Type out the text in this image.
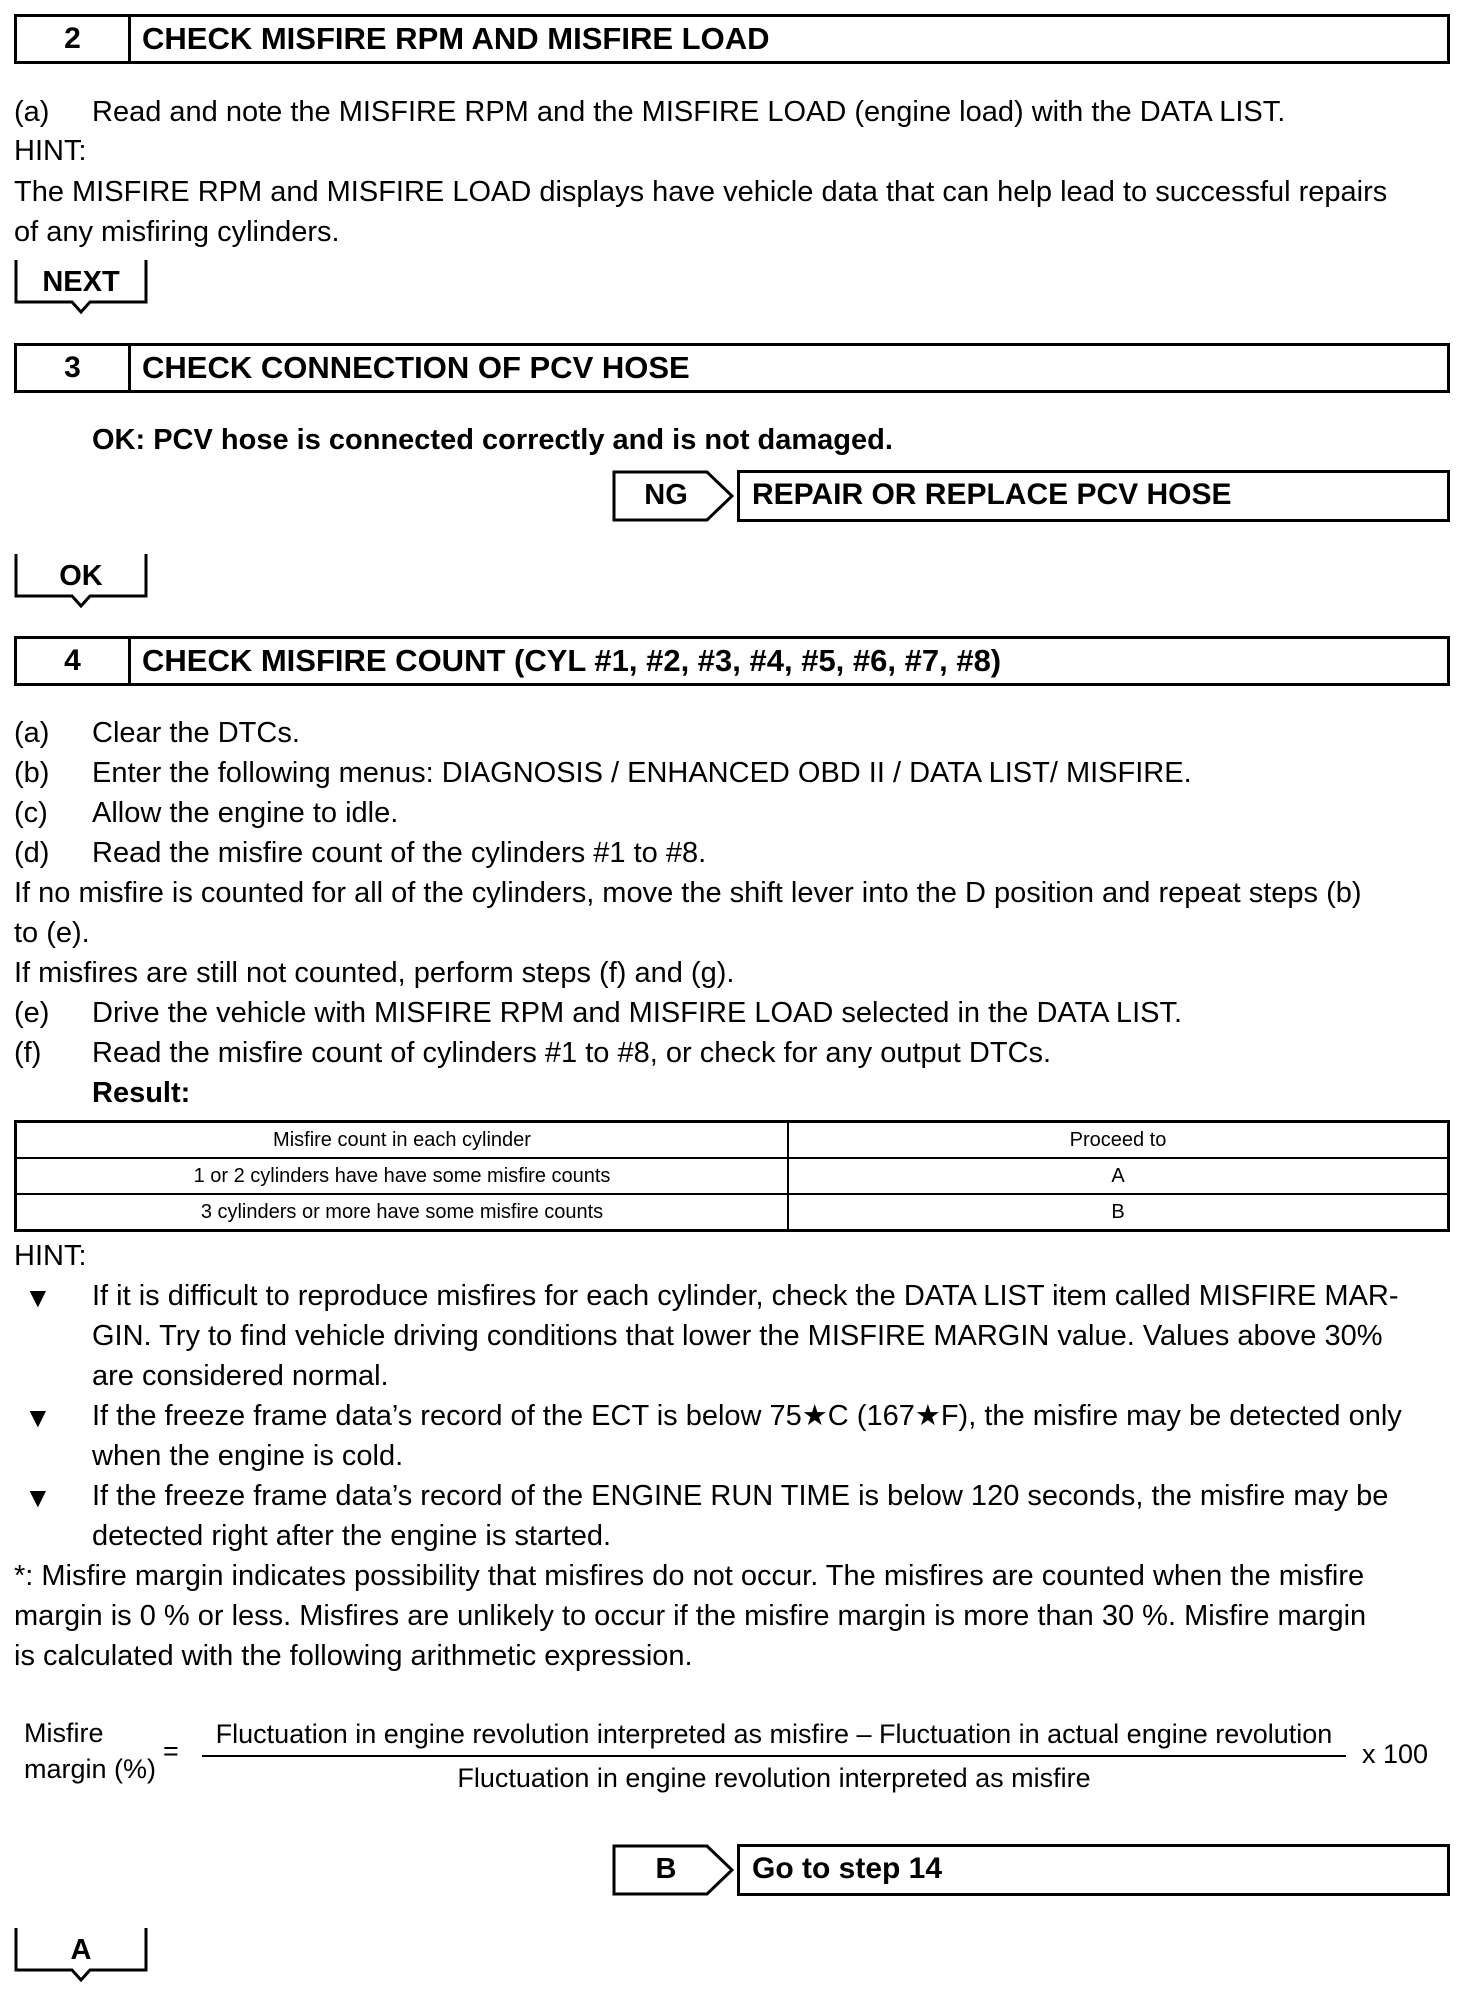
2	CHECK MISFIRE RPM AND MISFIRE LOAD
(a) Read and note the MISFIRE RPM and the MISFIRE LOAD (engine load) with the DATA LIST.
HINT:
The MISFIRE RPM and MISFIRE LOAD displays have vehicle data that can help lead to successful repairs
of any misfiring cylinders.
NEXT
3	CHECK CONNECTION OF PCV HOSE
OK: PCV hose is connected correctly and is not damaged.
NG	REPAIR OR REPLACE PCV HOSE
OK
4	CHECK MISFIRE COUNT (CYL #1, #2, #3, #4, #5, #6, #7, #8)
(a) Clear the DTCs.
(b) Enter the following menus: DIAGNOSIS / ENHANCED OBD II / DATA LIST/ MISFIRE.
(c) Allow the engine to idle.
(d) Read the misfire count of the cylinders #1 to #8.
If no misfire is counted for all of the cylinders, move the shift lever into the D position and repeat steps (b)
to (e).
If misfires are still not counted, perform steps (f) and (g).
(e) Drive the vehicle with MISFIRE RPM and MISFIRE LOAD selected in the DATA LIST.
(f) Read the misfire count of cylinders #1 to #8, or check for any output DTCs.
Result:
Misfire count in each cylinder	Proceed to
1 or 2 cylinders have have some misfire counts	A
3 cylinders or more have some misfire counts	B
HINT:
▼ If it is difficult to reproduce misfires for each cylinder, check the DATA LIST item called MISFIRE MAR-
GIN. Try to find vehicle driving conditions that lower the MISFIRE MARGIN value. Values above 30%
are considered normal.
▼ If the freeze frame data’s record of the ECT is below 75★C (167★F), the misfire may be detected only
when the engine is cold.
▼ If the freeze frame data’s record of the ENGINE RUN TIME is below 120 seconds, the misfire may be
detected right after the engine is started.
*: Misfire margin indicates possibility that misfires do not occur. The misfires are counted when the misfire
margin is 0 % or less. Misfires are unlikely to occur if the misfire margin is more than 30 %. Misfire margin
is calculated with the following arithmetic expression.
Misfire
margin (%)
=
Fluctuation in engine revolution interpreted as misfire – Fluctuation in actual engine revolution
Fluctuation in engine revolution interpreted as misfire
x 100
B	Go to step 14
A
